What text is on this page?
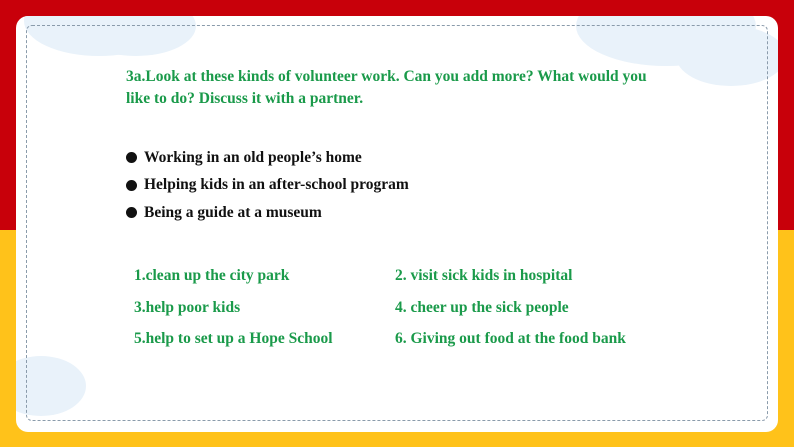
3a.Look at these kinds of volunteer work. Can you add more? What would you like to do? Discuss it with a partner.

Working in an old people’s home
Helping kids in an after-school program
Being a guide at a museum
1.clean up the city park	2. visit sick kids in hospital
3.help poor kids	4. cheer up the sick people
5.help to set up a Hope School	6. Giving out food at the food bank
